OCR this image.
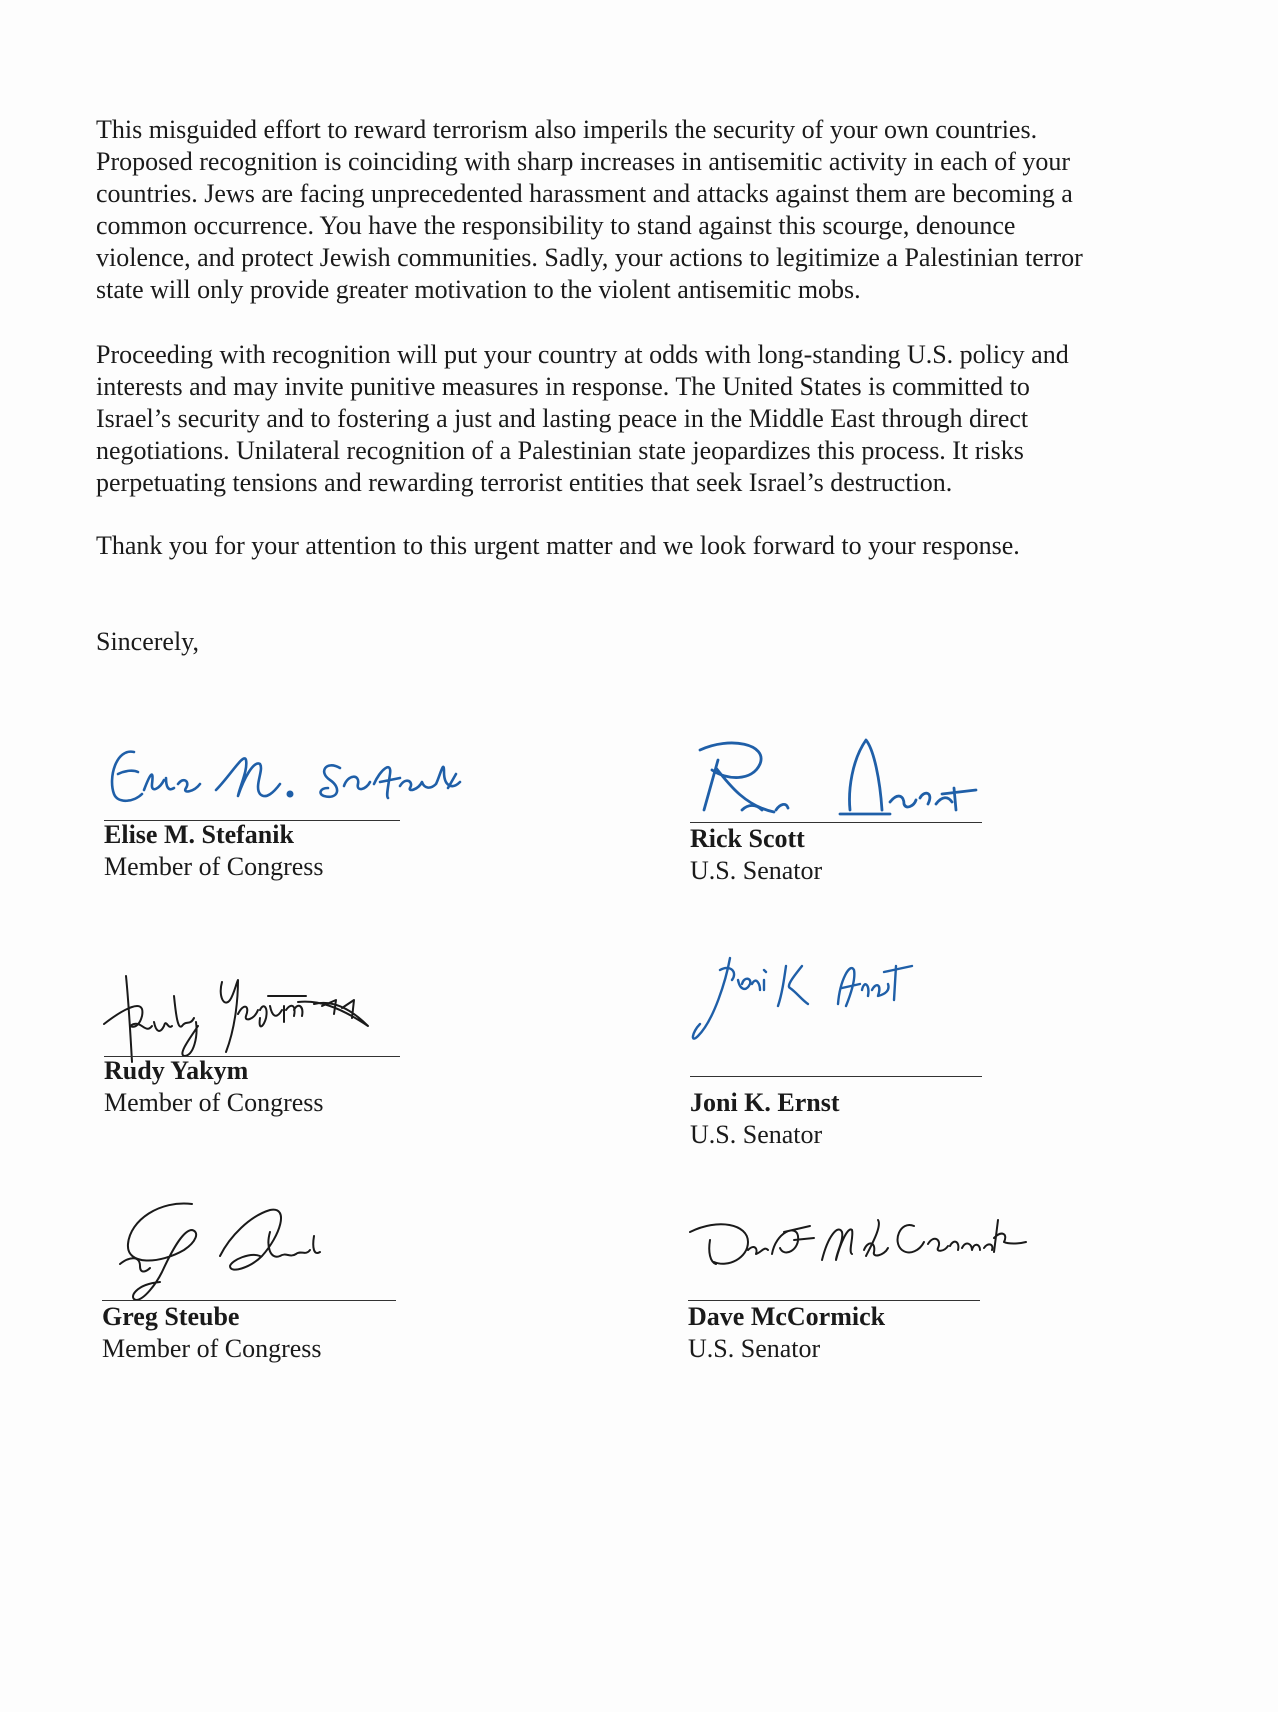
This misguided effort to reward terrorism also imperils the security of your own countries.
Proposed recognition is coinciding with sharp increases in antisemitic activity in each of your
countries. Jews are facing unprecedented harassment and attacks against them are becoming a
common occurrence. You have the responsibility to stand against this scourge, denounce
violence, and protect Jewish communities. Sadly, your actions to legitimize a Palestinian terror
state will only provide greater motivation to the violent antisemitic mobs.

Proceeding with recognition will put your country at odds with long-standing U.S. policy and
interests and may invite punitive measures in response. The United States is committed to
Israel’s security and to fostering a just and lasting peace in the Middle East through direct
negotiations. Unilateral recognition of a Palestinian state jeopardizes this process. It risks
perpetuating tensions and rewarding terrorist entities that seek Israel’s destruction.

Thank you for your attention to this urgent matter and we look forward to your response.

Sincerely,

Elise M. Stefanik
Member of Congress
Rick Scott
U.S. Senator
Rudy Yakym
Member of Congress	Joni K. Ernst
U.S. Senator
Greg Steube
Member of Congress
Dave McCormick
U.S. Senator
